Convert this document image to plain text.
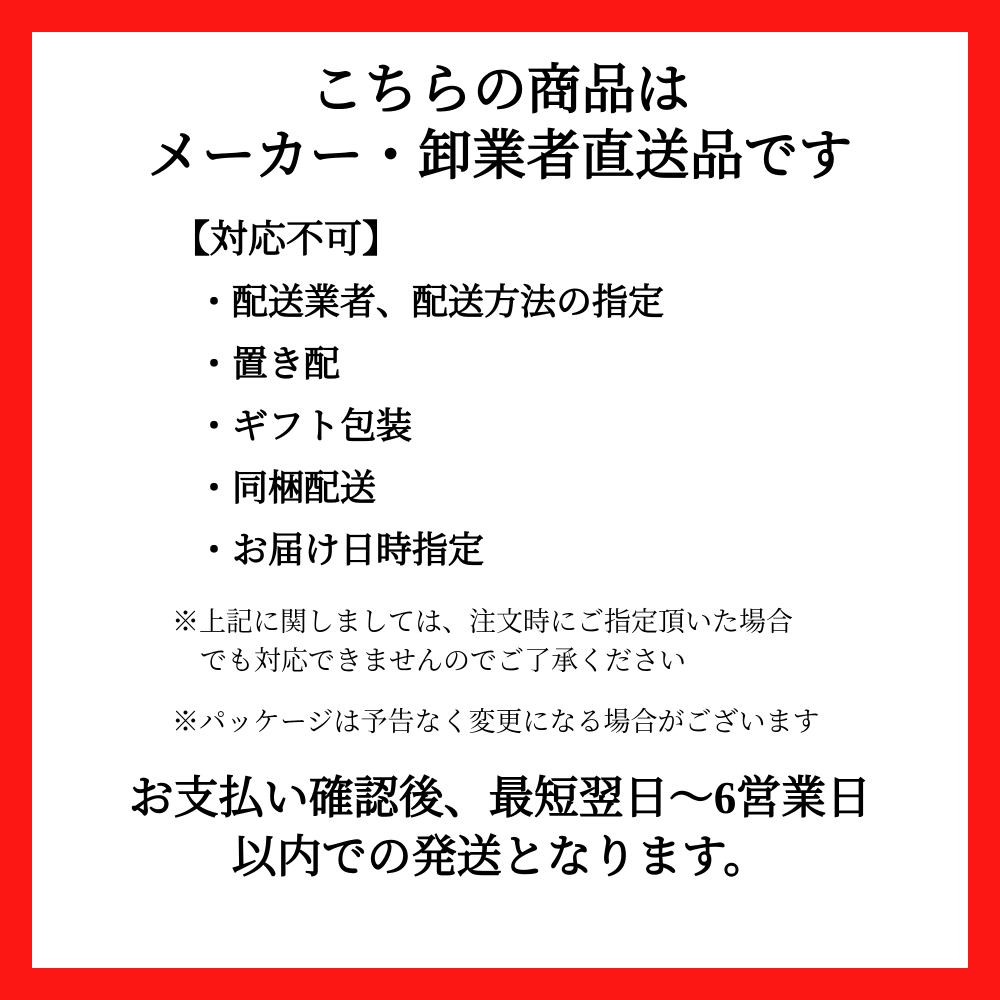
こちらの商品は
メーカー・卸業者直送品です
【対応不可】
・配送業者、配送方法の指定
・置き配
・ギフト包装
・同梱配送
・お届け日時指定
※上記に関しましては、注文時にご指定頂いた場合
でも対応できませんのでご了承ください
※パッケージは予告なく変更になる場合がございます
お支払い確認後、最短翌日〜6営業日
以内での発送となります。
